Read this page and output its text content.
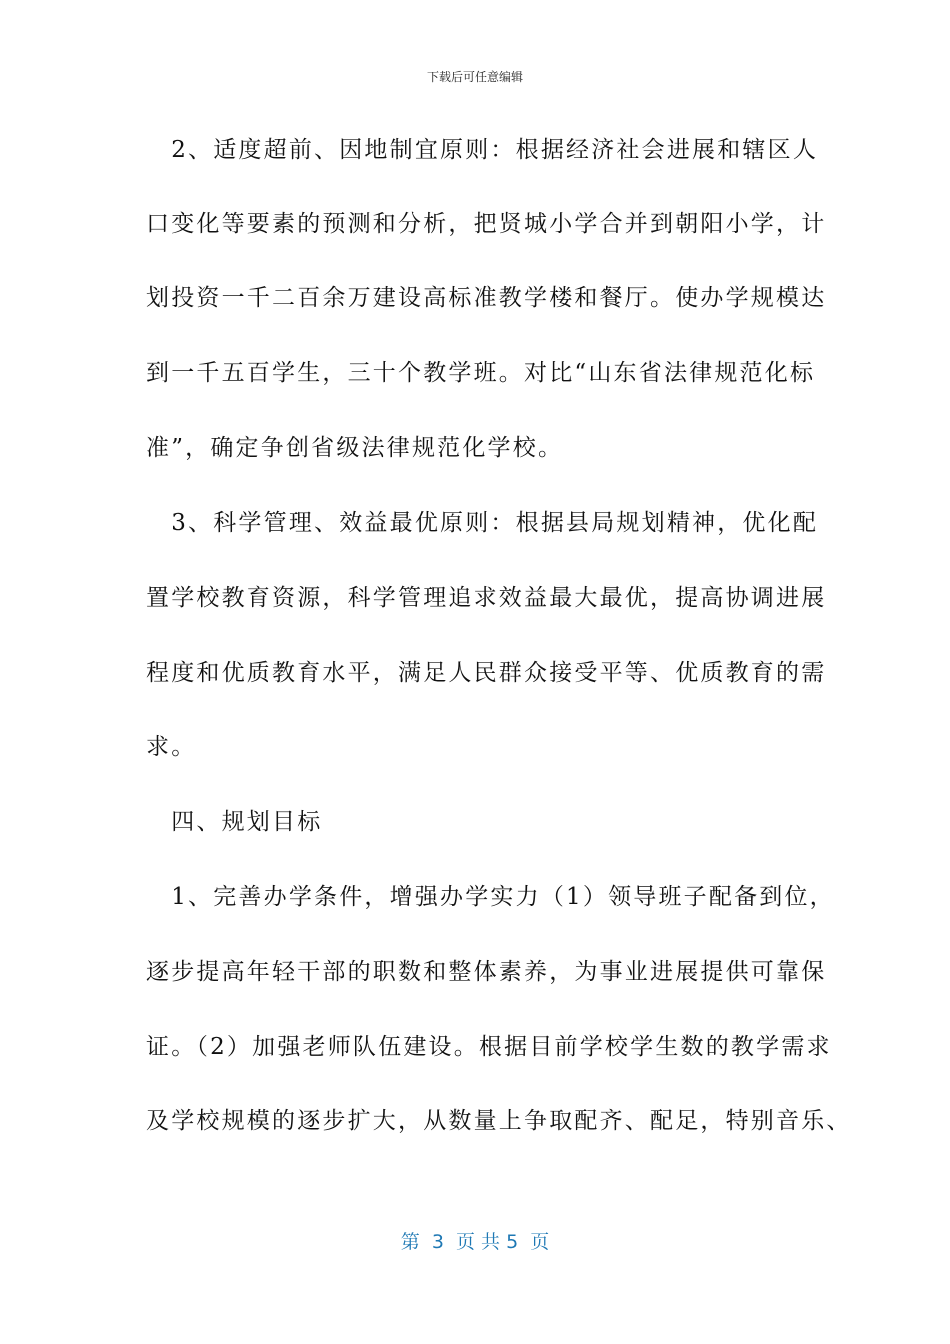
下载后可任意编辑
　2、适度超前、因地制宜原则：根据经济社会进展和辖区人
口变化等要素的预测和分析，把贤城小学合并到朝阳小学，计
划投资一千二百余万建设高标准教学楼和餐厅。使办学规模达
到一千五百学生，三十个教学班。对比“山东省法律规范化标
准”，确定争创省级法律规范化学校。
　3、科学管理、效益最优原则：根据县局规划精神，优化配
置学校教育资源，科学管理追求效益最大最优，提高协调进展
程度和优质教育水平，满足人民群众接受平等、优质教育的需
求。
　四、规划目标
　1、完善办学条件，增强办学实力（1）领导班子配备到位，
逐步提高年轻干部的职数和整体素养，为事业进展提供可靠保
证。（2）加强老师队伍建设。根据目前学校学生数的教学需求
及学校规模的逐步扩大，从数量上争取配齐、配足，特别音乐、
第  3  页 共 5  页
